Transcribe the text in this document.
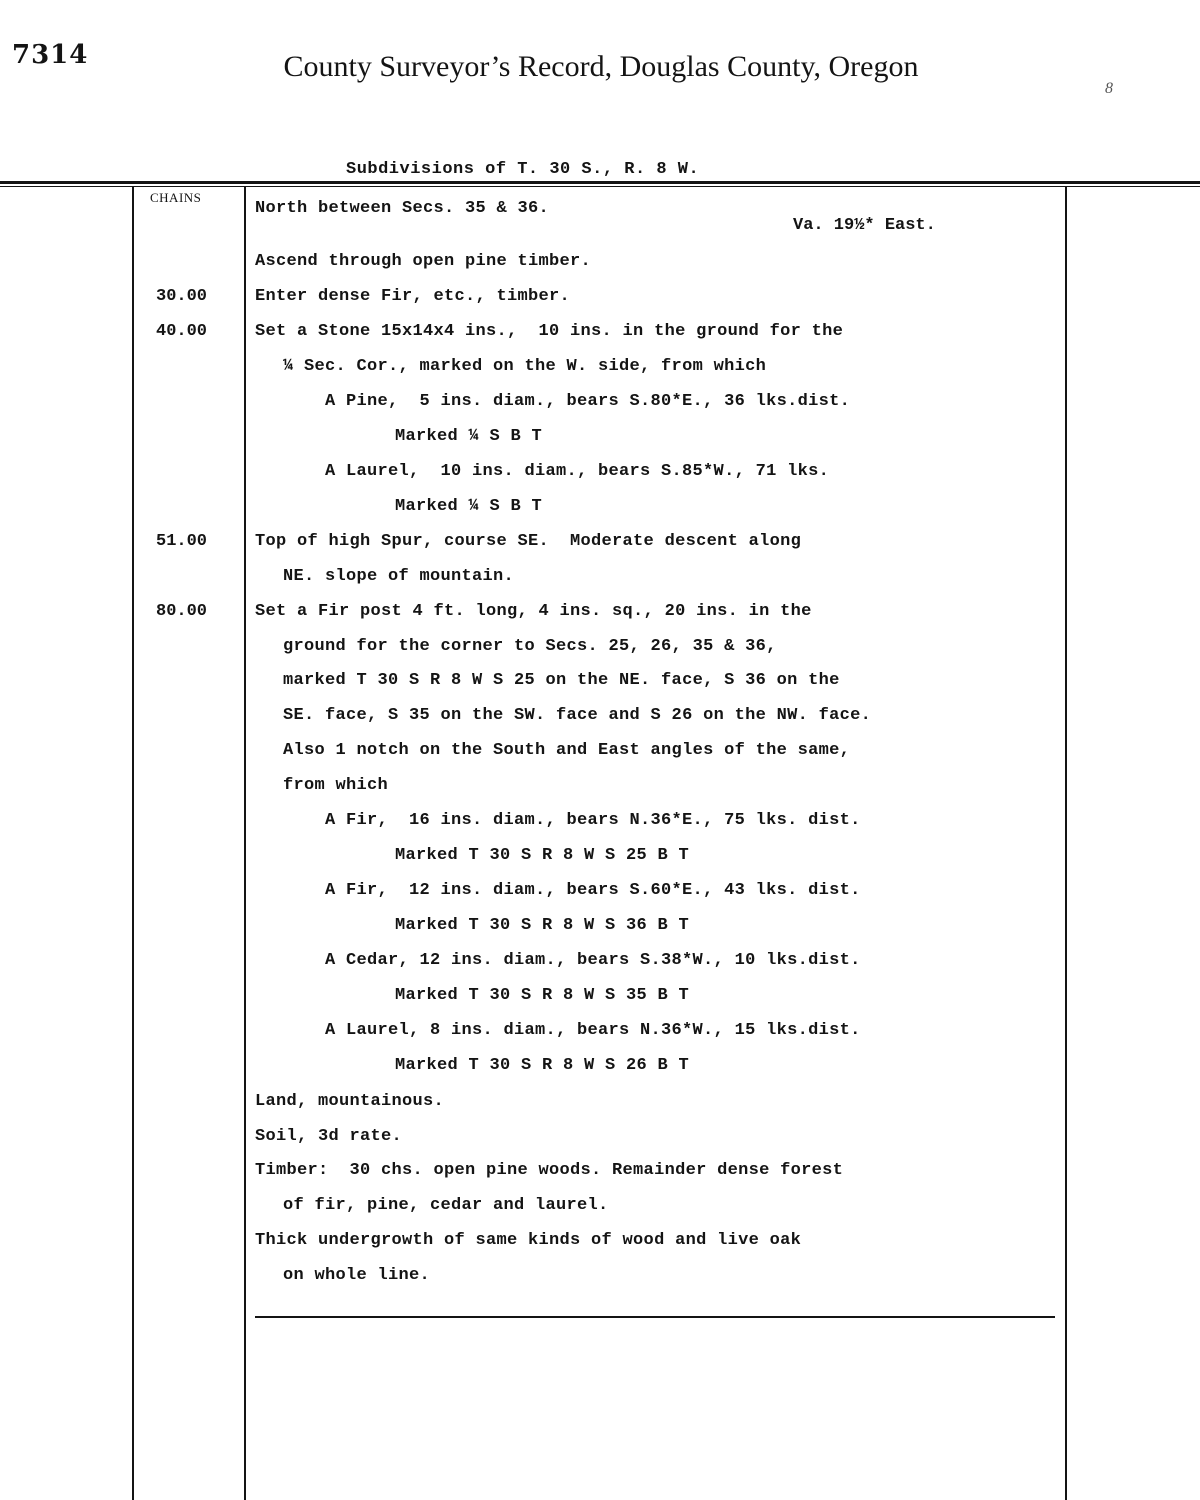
7314	County Surveyor’s Record, Douglas County, Oregon
8
Subdivisions of T. 30 S., R. 8 W.
CHAINS
Va. 19½* East.
North between Secs. 35 & 36.
Ascend through open pine timber.
30.00	Enter dense Fir, etc., timber.
40.00	Set a Stone 15x14x4 ins.,  10 ins. in the ground for the
¼ Sec. Cor., marked on the W. side, from which
A Pine,  5 ins. diam., bears S.80*E., 36 lks.dist.
Marked ¼ S B T
A Laurel,  10 ins. diam., bears S.85*W., 71 lks.
Marked ¼ S B T
51.00	Top of high Spur, course SE.  Moderate descent along
NE. slope of mountain.
80.00	Set a Fir post 4 ft. long, 4 ins. sq., 20 ins. in the
ground for the corner to Secs. 25, 26, 35 & 36,
marked T 30 S R 8 W S 25 on the NE. face, S 36 on the
SE. face, S 35 on the SW. face and S 26 on the NW. face.
Also 1 notch on the South and East angles of the same,
from which
A Fir,  16 ins. diam., bears N.36*E., 75 lks. dist.
Marked T 30 S R 8 W S 25 B T
A Fir,  12 ins. diam., bears S.60*E., 43 lks. dist.
Marked T 30 S R 8 W S 36 B T
A Cedar, 12 ins. diam., bears S.38*W., 10 lks.dist.
Marked T 30 S R 8 W S 35 B T
A Laurel, 8 ins. diam., bears N.36*W., 15 lks.dist.
Marked T 30 S R 8 W S 26 B T
Land, mountainous.
Soil, 3d rate.
Timber:  30 chs. open pine woods. Remainder dense forest
of fir, pine, cedar and laurel.
Thick undergrowth of same kinds of wood and live oak
on whole line.
